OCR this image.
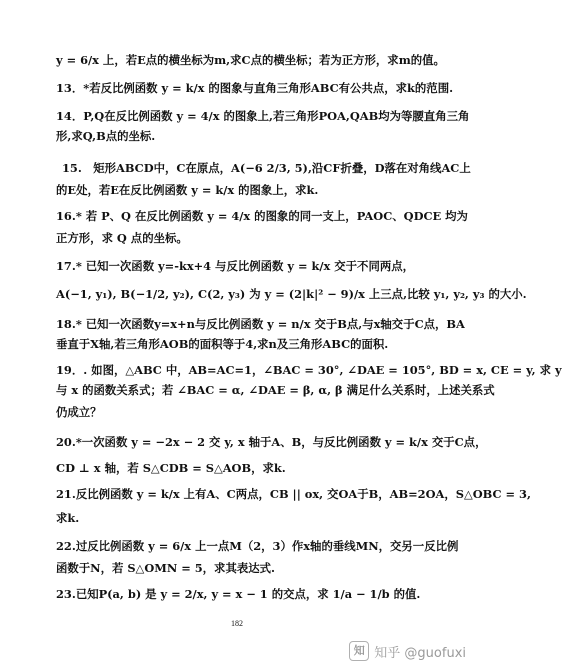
y = 6/x 上，若E点的横坐标为m,求C点的横坐标；若为正方形，求m的值。
13．*若反比例函数 y = k/x 的图象与直角三角形ABC有公共点，求k的范围.
14．P,Q在反比例函数 y = 4/x 的图象上,若三角形POA,QAB均为等腰直角三角
形,求Q,B点的坐标.
15.　矩形ABCD中，C在原点，A(−6 2/3, 5),沿CF折叠，D落在对角线AC上
的E处，若E在反比例函数 y = k/x 的图象上，求k.
16.* 若 P、Q 在反比例函数 y = 4/x 的图象的同一支上，PAOC、QDCE 均为
正方形，求 Q 点的坐标。
17.* 已知一次函数 y=-kx+4 与反比例函数 y = k/x 交于不同两点，
A(−1, y₁), B(−1/2, y₂), C(2, y₃) 为 y = (2|k|² − 9)/x 上三点,比较 y₁, y₂, y₃ 的大小.
18.* 已知一次函数y=x+n与反比例函数 y = n/x 交于B点,与x轴交于C点，BA
垂直于X轴,若三角形AOB的面积等于4,求n及三角形ABC的面积.
19．. 如图，△ABC 中，AB=AC=1，∠BAC = 30°, ∠DAE = 105°, BD = x, CE = y, 求 y
与 x 的函数关系式；若 ∠BAC = α, ∠DAE = β, α, β 满足什么关系时，上述关系式
仍成立？
20.*一次函数 y = −2x − 2 交 y, x 轴于A、B，与反比例函数 y = k/x 交于C点，
CD ⊥ x 轴，若 S△CDB = S△AOB，求k.
21.反比例函数 y = k/x 上有A、C两点，CB || ox, 交OA于B，AB=2OA，S△OBC = 3,
求k.
22.过反比例函数 y = 6/x 上一点M（2，3）作x轴的垂线MN，交另一反比例
函数于N，若 S△OMN = 5，求其表达式.
23.已知P(a, b) 是 y = 2/x, y = x − 1 的交点，求 1/a − 1/b 的值.
182
知 知乎 @guofuxi
